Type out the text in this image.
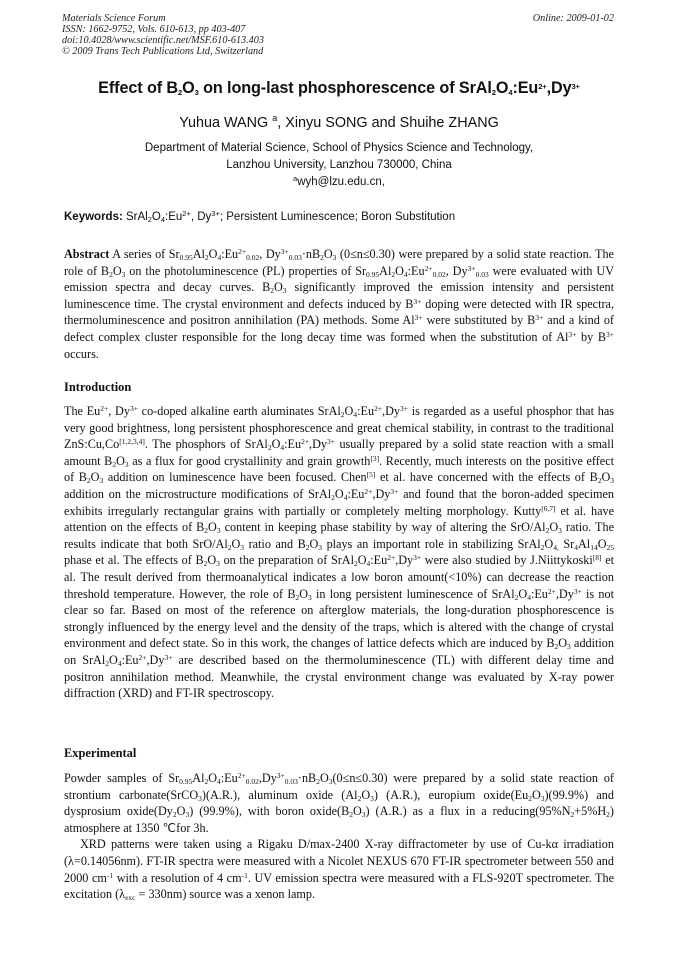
Materials Science Forum
ISSN: 1662-9752, Vols. 610-613, pp 403-407
doi:10.4028/www.scientific.net/MSF.610-613.403
© 2009 Trans Tech Publications Ltd, Switzerland
Online: 2009-01-02
Effect of $B_2O_3$ on long-last phosphorescence of $SrAl_2O_4:Eu^{2+},Dy^{3+}$
Yuhua WANG $^a$, Xinyu SONG and Shuihe ZHANG
Department of Material Science, School of Physics Science and Technology,
Lanzhou University, Lanzhou 730000, China
$^a$wyh@lzu.edu.cn,
Keywords: $SrAl_2O_4:Eu^{2+}$, $Dy^{3+}$; Persistent Luminescence; Boron Substitution
Abstract A series of $Sr_{0.95}Al_2O_4:Eu^{2+}_{0.02}$, $Dy^{3+}_{0.03}\cdot nB_2O_3$ (0≤n≤0.30) were prepared by a solid state reaction. The role of $B_2O_3$ on the photoluminescence (PL) properties of $Sr_{0.95}Al_2O_4:Eu^{2+}_{0.02}$, $Dy^{3+}_{0.03}$ were evaluated with UV emission spectra and decay curves. $B_2O_3$ significantly improved the emission intensity and persistent luminescence time. The crystal environment and defects induced by $B^{3+}$ doping were detected with IR spectra, thermoluminescence and positron annihilation (PA) methods. Some $Al^{3+}$ were substituted by $B^{3+}$ and a kind of defect complex cluster responsible for the long decay time was formed when the substitution of $Al^{3+}$ by $B^{3+}$ occurs.
Introduction
The $Eu^{2+}$, $Dy^{3+}$ co-doped alkaline earth aluminates $SrAl_2O_4:Eu^{2+},Dy^{3+}$ is regarded as a useful phosphor that has very good brightness, long persistent phosphorescence and great chemical stability, in contrast to the traditional ZnS:Cu,Co[1,2,3,4]. The phosphors of $SrAl_2O_4:Eu^{2+},Dy^{3+}$ usually prepared by a solid state reaction with a small amount $B_2O_3$ as a flux for good crystallinity and grain growth[3]. Recently, much interests on the positive effect of $B_2O_3$ addition on luminescence have been focused. Chen[5] et al. have concerned with the effects of $B_2O_3$ addition on the microstructure modifications of $SrAl_2O_4:Eu^{2+},Dy^{3+}$ and found that the boron-added specimen exhibits irregularly rectangular grains with partially or completely melting morphology. Kutty[6,7] et al. have attention on the effects of $B_2O_3$ content in keeping phase stability by way of altering the SrO/$Al_2O_3$ ratio. The results indicate that both SrO/$Al_2O_3$ ratio and $B_2O_3$ plays an important role in stabilizing $SrAl_2O_{4,}$ $Sr_4Al_{14}O_{25}$ phase et al. The effects of $B_2O_3$ on the preparation of $SrAl_2O_4:Eu^{2+},Dy^{3+}$ were also studied by J.Niittykoski[8] et al. The result derived from thermoanalytical indicates a low boron amount(<10%) can decrease the reaction threshold temperature. However, the role of $B_2O_3$ in long persistent luminescence of $SrAl_2O_4:Eu^{2+},Dy^{3+}$ is not clear so far. Based on most of the reference on afterglow materials, the long-duration phosphorescence is strongly influenced by the energy level and the density of the traps, which is altered with the change of crystal environment and defect state. So in this work, the changes of lattice defects which are induced by $B_2O_3$ addition on $SrAl_2O_4:Eu^{2+},Dy^{3+}$ are described based on the thermoluminescence (TL) with different delay time and positron annihilation method. Meanwhile, the crystal environment change was evaluated by X-ray power diffraction (XRD) and FT-IR spectroscopy.
Experimental
Powder samples of $Sr_{0.95}Al_2O_4:Eu^{2+}_{0.02},Dy^{3+}_{0.03}\cdot nB_2O_3(0\le n\le 0.30)$ were prepared by a solid state reaction of strontium carbonate(SrCO$_3$)(A.R.), aluminum oxide $(Al_2O_3)$ (A.R.), europium $oxide(Eu_2O_3)(99.9\%)$ and dysprosium $oxide(Dy_2O_3)$ (99.9%), with boron $oxide(B_2O_3)$ (A.R.) as a flux in a $reducing(95\%N_2+5\%H_2)$ atmosphere at 1350 ℃for 3h.
XRD patterns were taken using a Rigaku D/max-2400 X-ray diffractometer by use of Cu-kα irradiation (λ=0.14056nm). FT-IR spectra were measured with a Nicolet NEXUS 670 FT-IR spectrometer between 550 and 2000 $cm^{-1}$ with a resolution of 4 $cm^{-1}$. UV emission spectra were measured with a FLS-920T spectrometer. The excitation $(\lambda_{exc} = 330nm)$ source was a xenon lamp.
